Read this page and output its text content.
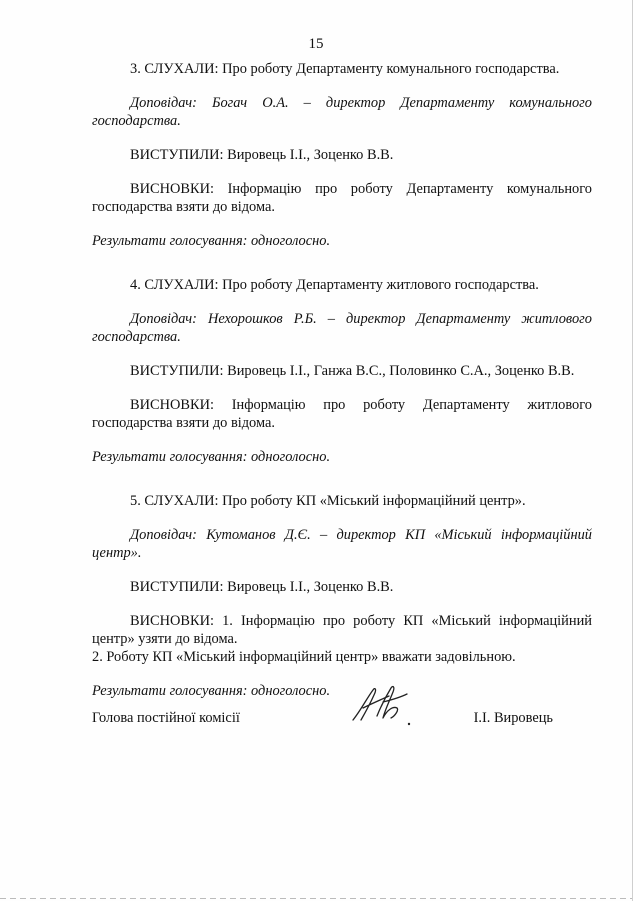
15

3. СЛУХАЛИ: Про роботу Департаменту комунального господарства.

Доповідач: Богач О.А. – директор Департаменту комунального господарства.

ВИСТУПИЛИ: Вировець І.І., Зоценко В.В.

ВИСНОВКИ: Інформацію про роботу Департаменту комунального господарства взяти до відома.

Результати голосування: одноголосно.

4. СЛУХАЛИ: Про роботу Департаменту житлового господарства.

Доповідач: Нехорошков Р.Б. – директор Департаменту житлового господарства.

ВИСТУПИЛИ: Вировець І.І., Ганжа В.С., Половинко С.А., Зоценко В.В.

ВИСНОВКИ: Інформацію про роботу Департаменту житлового господарства взяти до відома.

Результати голосування: одноголосно.

5. СЛУХАЛИ: Про роботу КП «Міський інформаційний центр».

Доповідач: Кутоманов Д.Є. – директор КП «Міський інформаційний центр».

ВИСТУПИЛИ: Вировець І.І., Зоценко В.В.

ВИСНОВКИ: 1. Інформацію про роботу КП «Міський інформаційний центр» узяти до відома.

2. Роботу КП «Міський інформаційний центр» вважати задовільною.

Результати голосування: одноголосно.

Голова постійної комісії	І.І. Вировець
